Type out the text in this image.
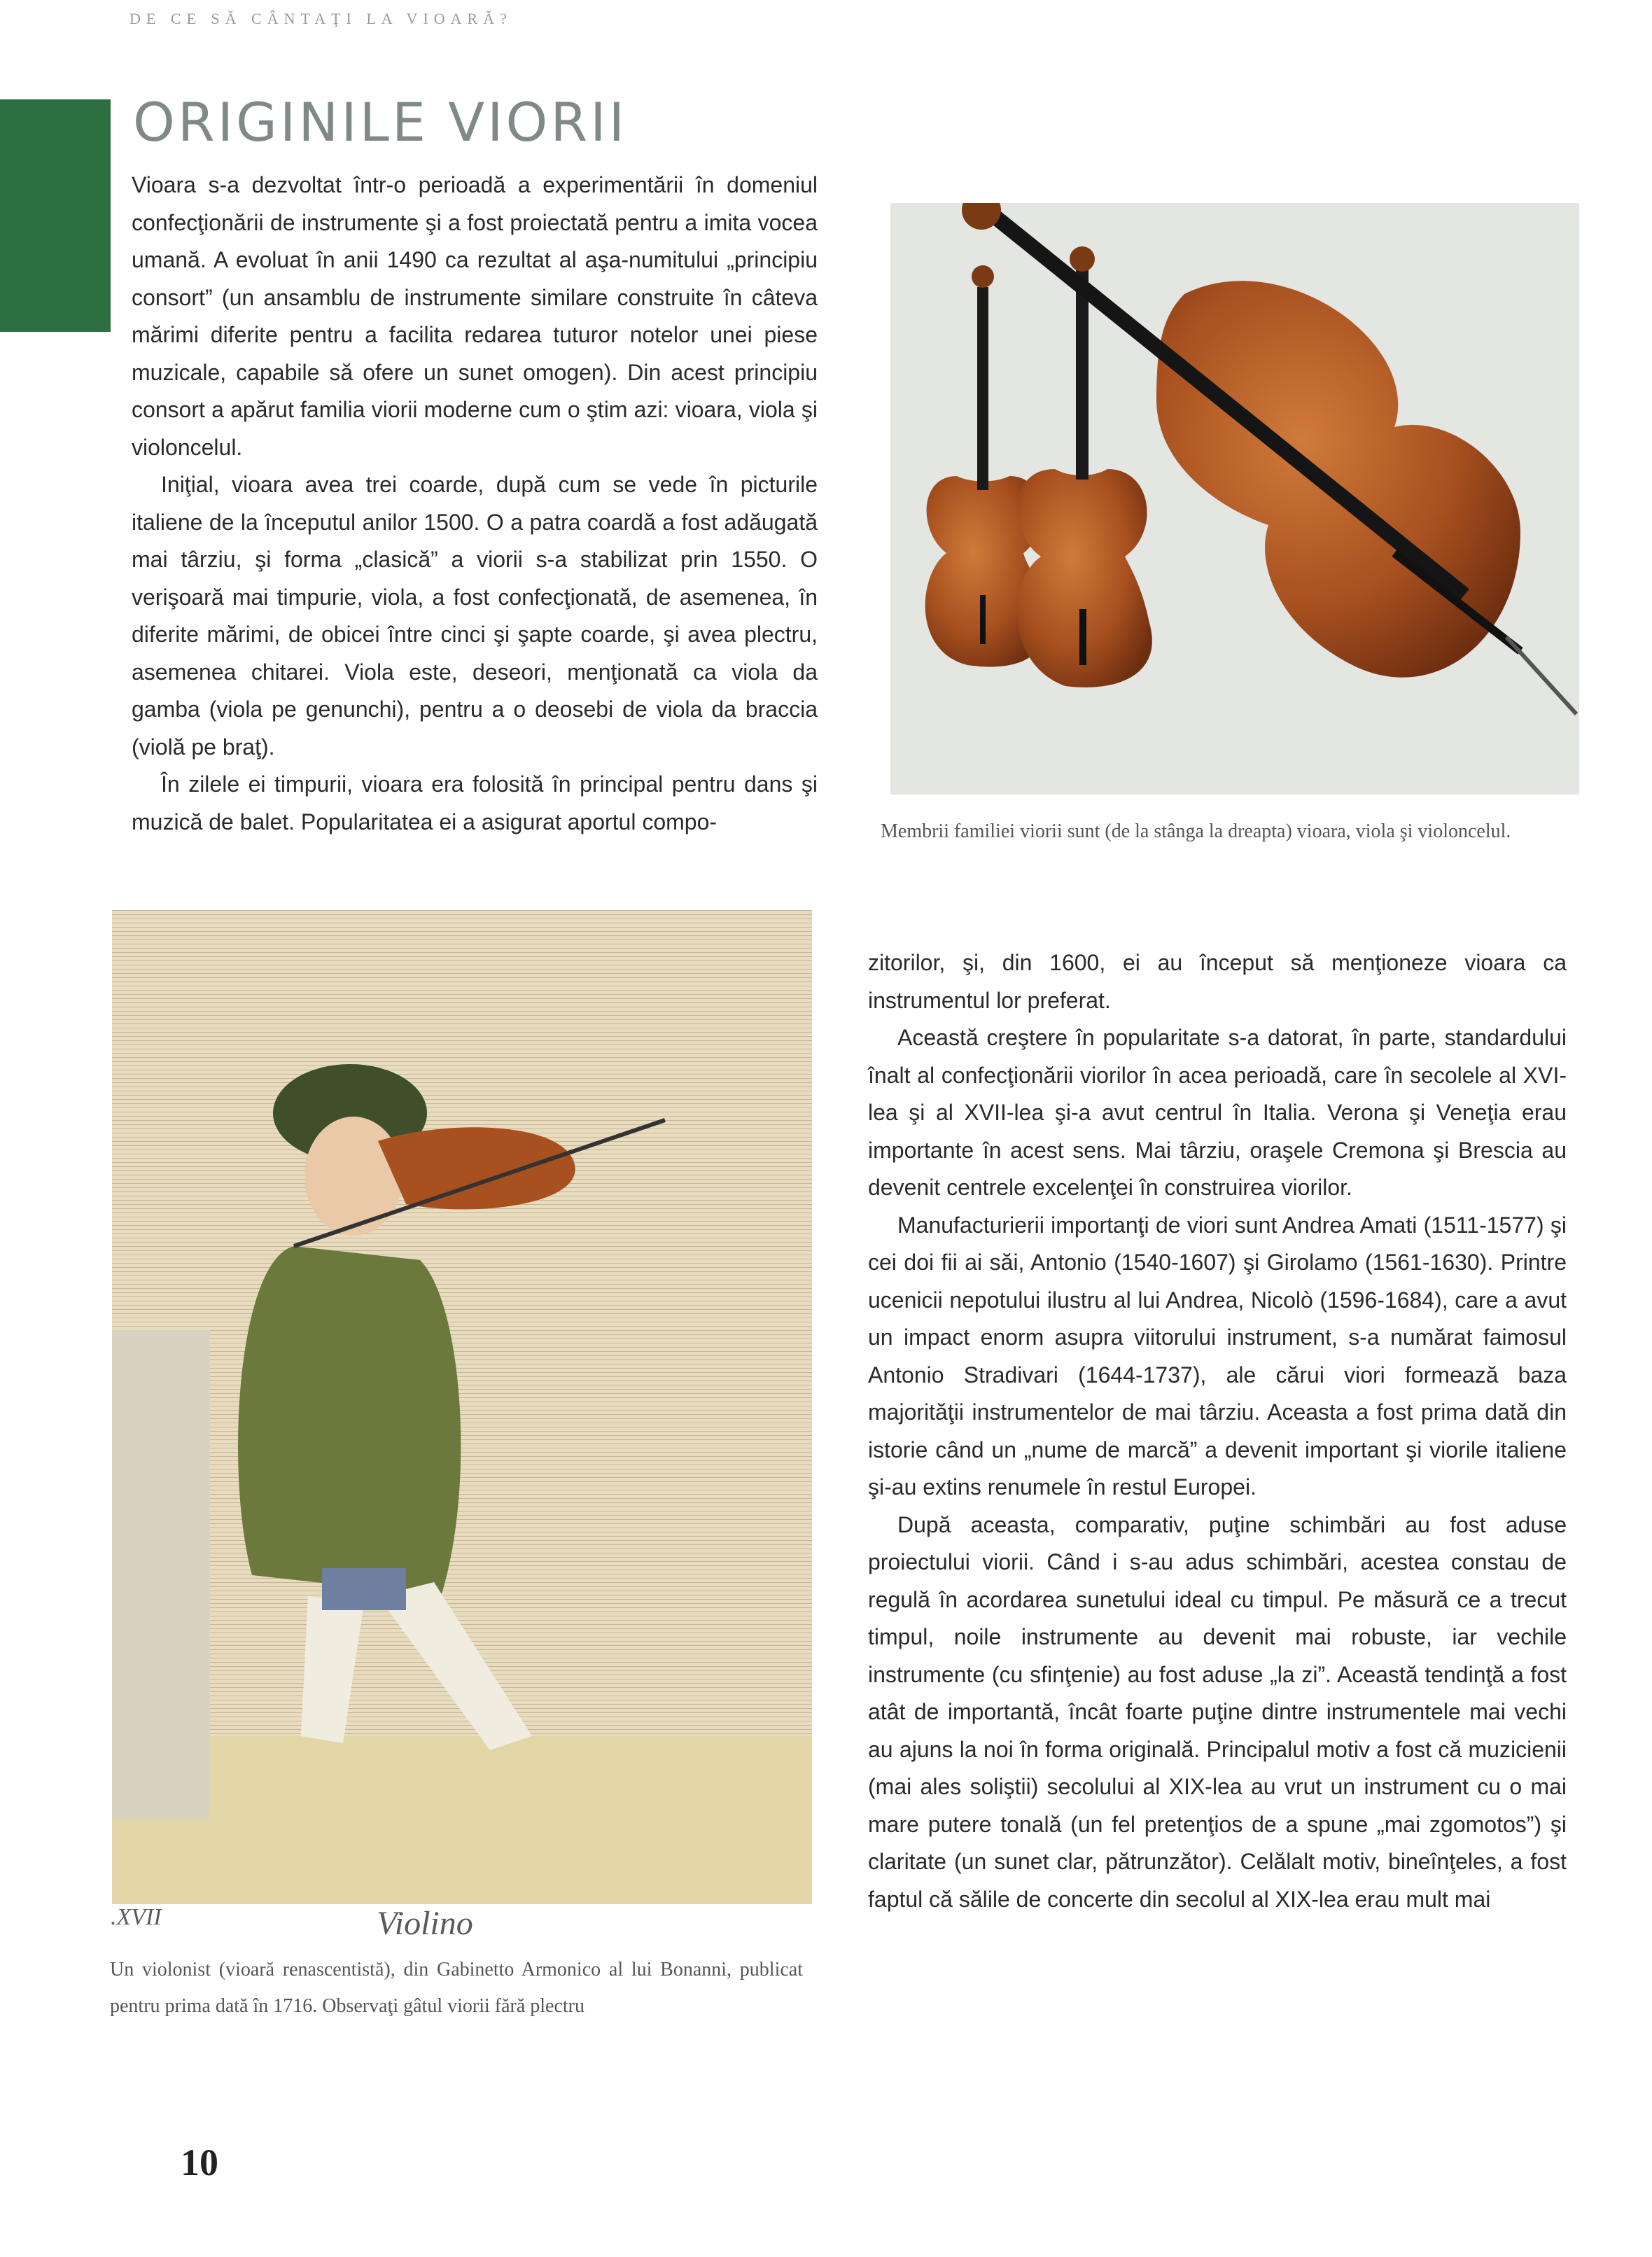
DE CE SĂ CÂNTAŢI LA VIOARĂ?
ORIGINILE VIORII

Vioara s-a dezvoltat într-o perioadă a experimentării în domeniul confecţionării de instrumente şi a fost proiectată pentru a imita vocea umană. A evoluat în anii 1490 ca rezultat al aşa-numitului „principiu consort” (un ansamblu de instrumente similare construite în câteva mărimi diferite pentru a facilita redarea tuturor notelor unei piese muzicale, capabile să ofere un sunet omogen). Din acest principiu consort a apărut familia viorii moderne cum o ştim azi: vioara, viola şi violoncelul.

Iniţial, vioara avea trei coarde, după cum se vede în picturile italiene de la începutul anilor 1500. O a patra coardă a fost adăugată mai târziu, şi forma „clasică” a viorii s-a stabilizat prin 1550. O verişoară mai timpurie, viola, a fost confecţionată, de asemenea, în diferite mărimi, de obicei între cinci şi şapte coarde, şi avea plectru, asemenea chitarei. Viola este, deseori, menţionată ca viola da gamba (viola pe genunchi), pentru a o deosebi de viola da braccia (violă pe braţ).

În zilele ei timpurii, vioara era folosită în principal pentru dans şi muzică de balet. Popularitatea ei a asigurat aportul compo-	Membrii familiei viorii sunt (de la stânga la dreapta) vioara, viola şi violoncelul.
.XVII	Violino
Un violonist (vioară renascentistă), din Gabinetto Armonico al lui Bonanni, publicat pentru prima dată în 1716. Observaţi gâtul viorii fără plectru

zitorilor, şi, din 1600, ei au început să menţioneze vioara ca instrumentul lor preferat.

Această creştere în popularitate s-a datorat, în parte, standardului înalt al confecţionării viorilor în acea perioadă, care în secolele al XVI-lea şi al XVII-lea şi-a avut centrul în Italia. Verona şi Veneţia erau importante în acest sens. Mai târziu, oraşele Cremona şi Brescia au devenit centrele excelenţei în construirea viorilor.

Manufacturierii importanţi de viori sunt Andrea Amati (1511-1577) şi cei doi fii ai săi, Antonio (1540-1607) şi Girolamo (1561-1630). Printre ucenicii nepotului ilustru al lui Andrea, Nicolò (1596-1684), care a avut un impact enorm asupra viitorului instrument, s-a numărat faimosul Antonio Stradivari (1644-1737), ale cărui viori formează baza majorităţii instrumentelor de mai târziu. Aceasta a fost prima dată din istorie când un „nume de marcă” a devenit important şi viorile italiene şi-au extins renumele în restul Europei.

După aceasta, comparativ, puţine schimbări au fost aduse proiectului viorii. Când i s-au adus schimbări, acestea constau de regulă în acordarea sunetului ideal cu timpul. Pe măsură ce a trecut timpul, noile instrumente au devenit mai robuste, iar vechile instrumente (cu sfinţenie) au fost aduse „la zi”. Această tendinţă a fost atât de importantă, încât foarte puţine dintre instrumentele mai vechi au ajuns la noi în forma originală. Principalul motiv a fost că muzicienii (mai ales soliştii) secolului al XIX-lea au vrut un instrument cu o mai mare putere tonală (un fel pretenţios de a spune „mai zgomotos”) şi claritate (un sunet clar, pătrunzător). Celălalt motiv, bineînţeles, a fost faptul că sălile de concerte din secolul al XIX-lea erau mult mai

10
